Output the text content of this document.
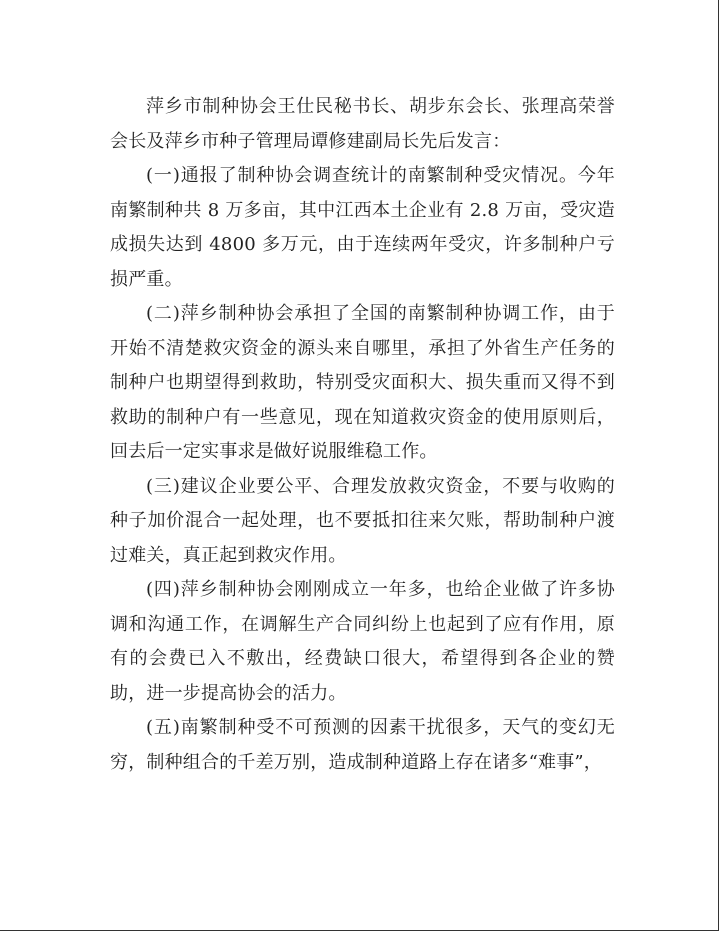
萍乡市制种协会王仕民秘书长、胡步东会长、张理高荣誉会长及萍乡市种子管理局谭修建副局长先后发言：

(一)通报了制种协会调查统计的南繁制种受灾情况。今年南繁制种共 8 万多亩，其中江西本土企业有 2.8 万亩，受灾造成损失达到 4800 多万元，由于连续两年受灾，许多制种户亏损严重。

(二)萍乡制种协会承担了全国的南繁制种协调工作，由于开始不清楚救灾资金的源头来自哪里，承担了外省生产任务的制种户也期望得到救助，特别受灾面积大、损失重而又得不到救助的制种户有一些意见，现在知道救灾资金的使用原则后，回去后一定实事求是做好说服维稳工作。

(三)建议企业要公平、合理发放救灾资金，不要与收购的种子加价混合一起处理，也不要抵扣往来欠账，帮助制种户渡过难关，真正起到救灾作用。

(四)萍乡制种协会刚刚成立一年多，也给企业做了许多协调和沟通工作，在调解生产合同纠纷上也起到了应有作用，原有的会费已入不敷出，经费缺口很大，希望得到各企业的赞助，进一步提高协会的活力。

(五)南繁制种受不可预测的因素干扰很多，天气的变幻无穷，制种组合的千差万别，造成制种道路上存在诸多“难事”，
